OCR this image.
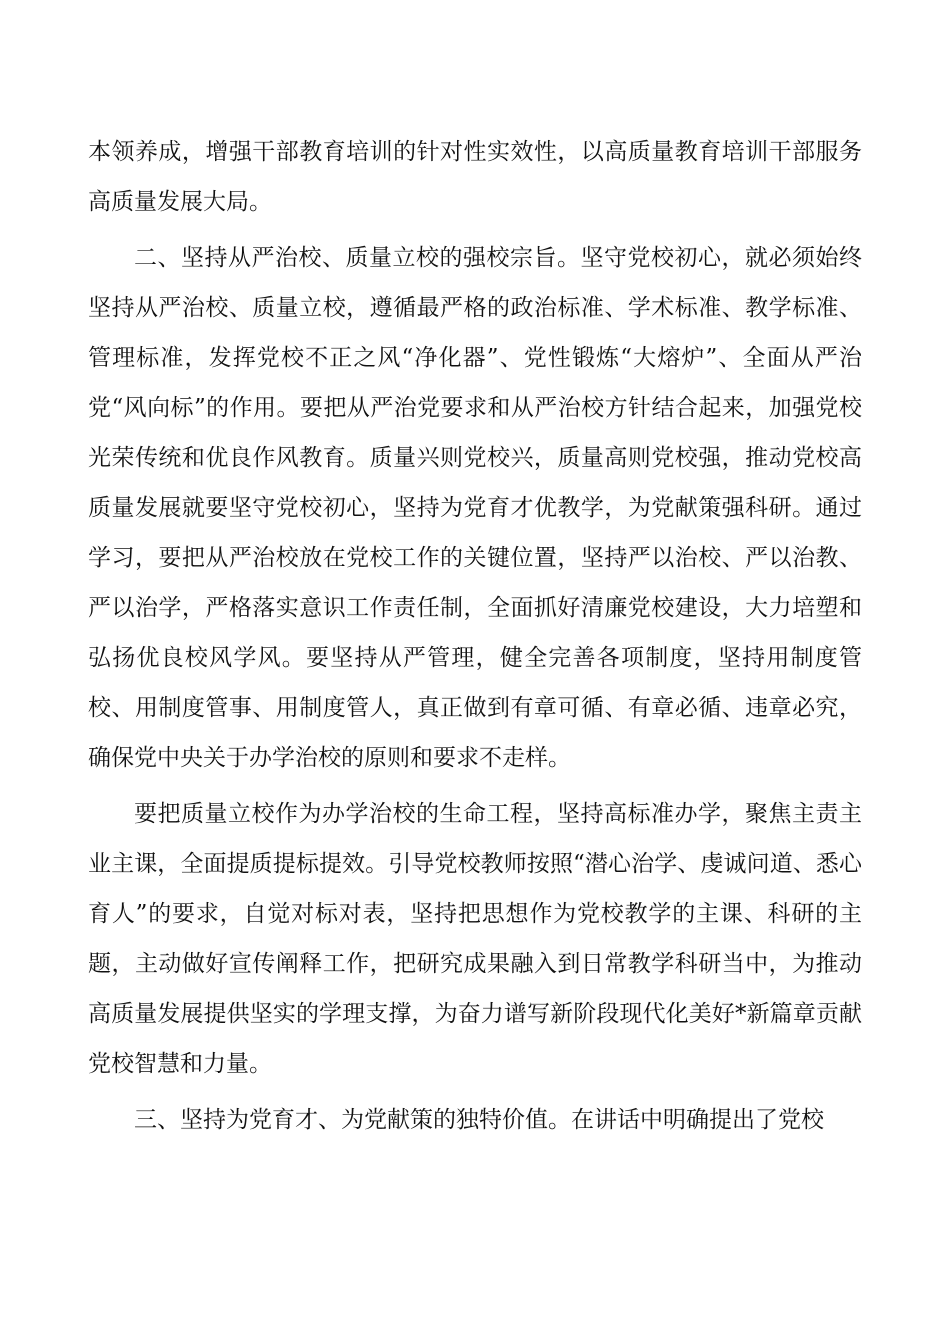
本领养成，增强干部教育培训的针对性实效性，以高质量教育培训干部服务高质量发展大局。

二、坚持从严治校、质量立校的强校宗旨。坚守党校初心，就必须始终坚持从严治校、质量立校，遵循最严格的政治标准、学术标准、教学标准、管理标准，发挥党校不正之风“净化器”、党性锻炼“大熔炉”、全面从严治党“风向标”的作用。要把从严治党要求和从严治校方针结合起来，加强党校光荣传统和优良作风教育。质量兴则党校兴，质量高则党校强，推动党校高质量发展就要坚守党校初心，坚持为党育才优教学，为党献策强科研。通过学习，要把从严治校放在党校工作的关键位置，坚持严以治校、严以治教、严以治学，严格落实意识工作责任制，全面抓好清廉党校建设，大力培塑和弘扬优良校风学风。要坚持从严管理，健全完善各项制度，坚持用制度管校、用制度管事、用制度管人，真正做到有章可循、有章必循、违章必究，确保党中央关于办学治校的原则和要求不走样。

要把质量立校作为办学治校的生命工程，坚持高标准办学，聚焦主责主业主课，全面提质提标提效。引导党校教师按照“潜心治学、虔诚问道、悉心育人”的要求，自觉对标对表，坚持把思想作为党校教学的主课、科研的主题，主动做好宣传阐释工作，把研究成果融入到日常教学科研当中，为推动高质量发展提供坚实的学理支撑，为奋力谱写新阶段现代化美好*新篇章贡献党校智慧和力量。

三、坚持为党育才、为党献策的独特价值。在讲话中明确提出了党校
